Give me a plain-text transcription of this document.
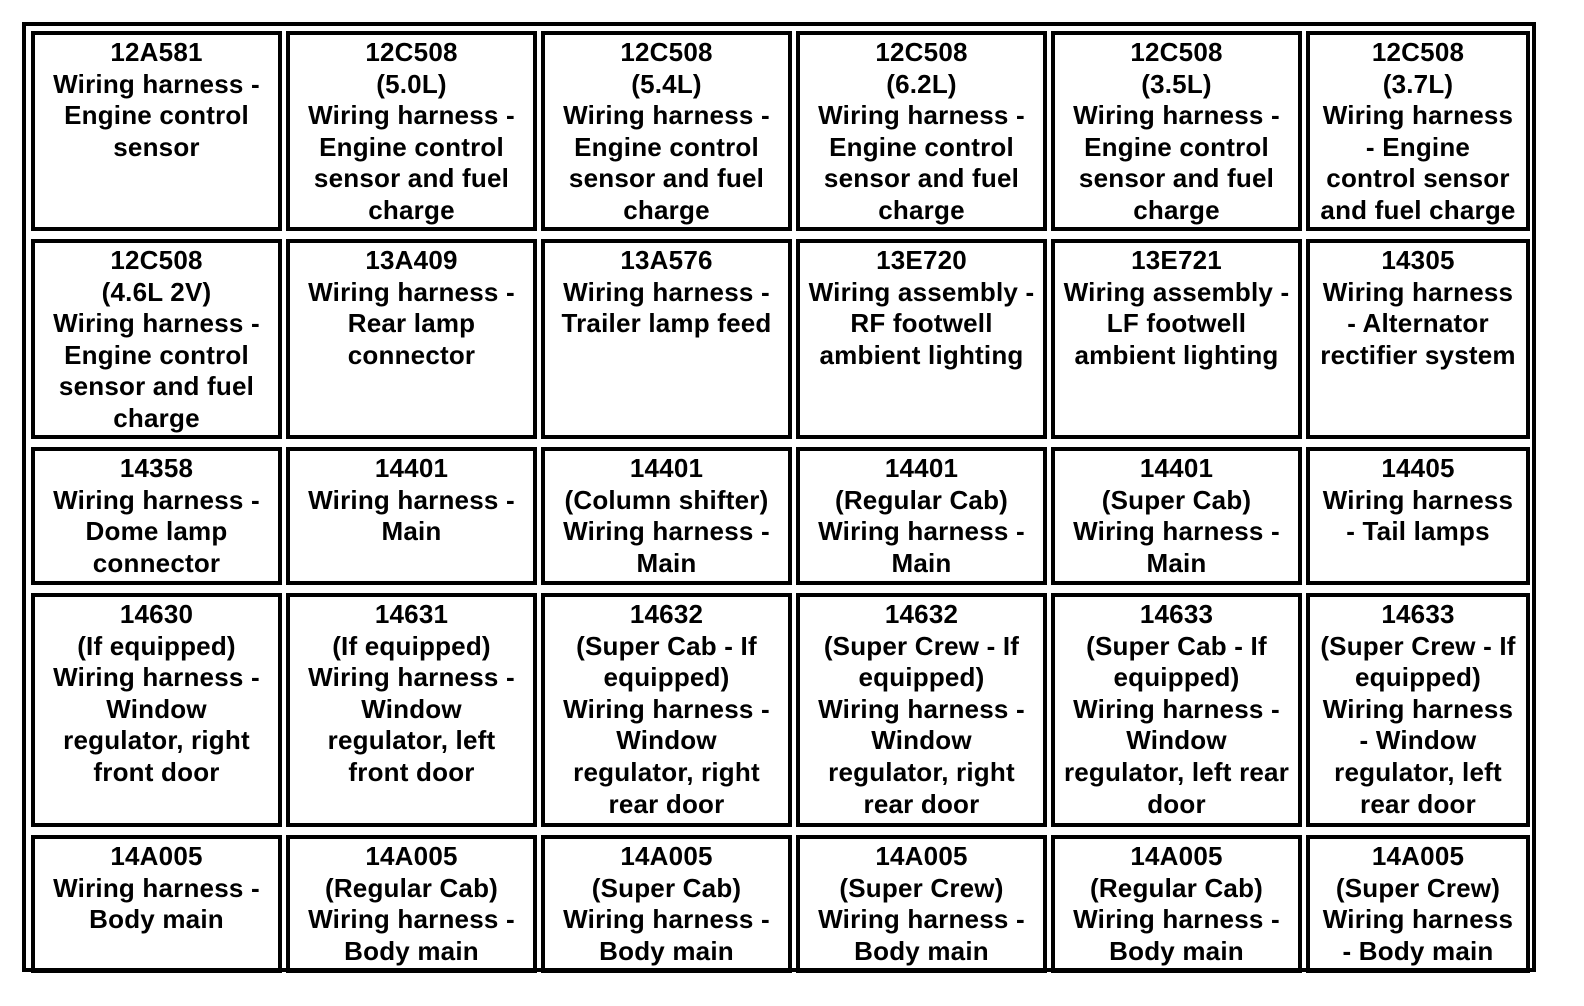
12A581
Wiring harness -
Engine control
sensor
12C508
(5.0L)
Wiring harness -
Engine control
sensor and fuel
charge
12C508
(5.4L)
Wiring harness -
Engine control
sensor and fuel
charge
12C508
(6.2L)
Wiring harness -
Engine control
sensor and fuel
charge
12C508
(3.5L)
Wiring harness -
Engine control
sensor and fuel
charge
12C508
(3.7L)
Wiring harness
- Engine
control sensor
and fuel charge
12C508
(4.6L 2V)
Wiring harness -
Engine control
sensor and fuel
charge
13A409
Wiring harness -
Rear lamp
connector
13A576
Wiring harness -
Trailer lamp feed
13E720
Wiring assembly -
RF footwell
ambient lighting
13E721
Wiring assembly -
LF footwell
ambient lighting
14305
Wiring harness
- Alternator
rectifier system
14358
Wiring harness -
Dome lamp
connector
14401
Wiring harness -
Main
14401
(Column shifter)
Wiring harness -
Main
14401
(Regular Cab)
Wiring harness -
Main
14401
(Super Cab)
Wiring harness -
Main
14405
Wiring harness
- Tail lamps
14630
(If equipped)
Wiring harness -
Window
regulator, right
front door
14631
(If equipped)
Wiring harness -
Window
regulator, left
front door
14632
(Super Cab - If
equipped)
Wiring harness -
Window
regulator, right
rear door
14632
(Super Crew - If
equipped)
Wiring harness -
Window
regulator, right
rear door
14633
(Super Cab - If
equipped)
Wiring harness -
Window
regulator, left rear
door
14633
(Super Crew - If
equipped)
Wiring harness
- Window
regulator, left
rear door
14A005
Wiring harness -
Body main
14A005
(Regular Cab)
Wiring harness -
Body main
14A005
(Super Cab)
Wiring harness -
Body main
14A005
(Super Crew)
Wiring harness -
Body main
14A005
(Regular Cab)
Wiring harness -
Body main
14A005
(Super Crew)
Wiring harness
- Body main
